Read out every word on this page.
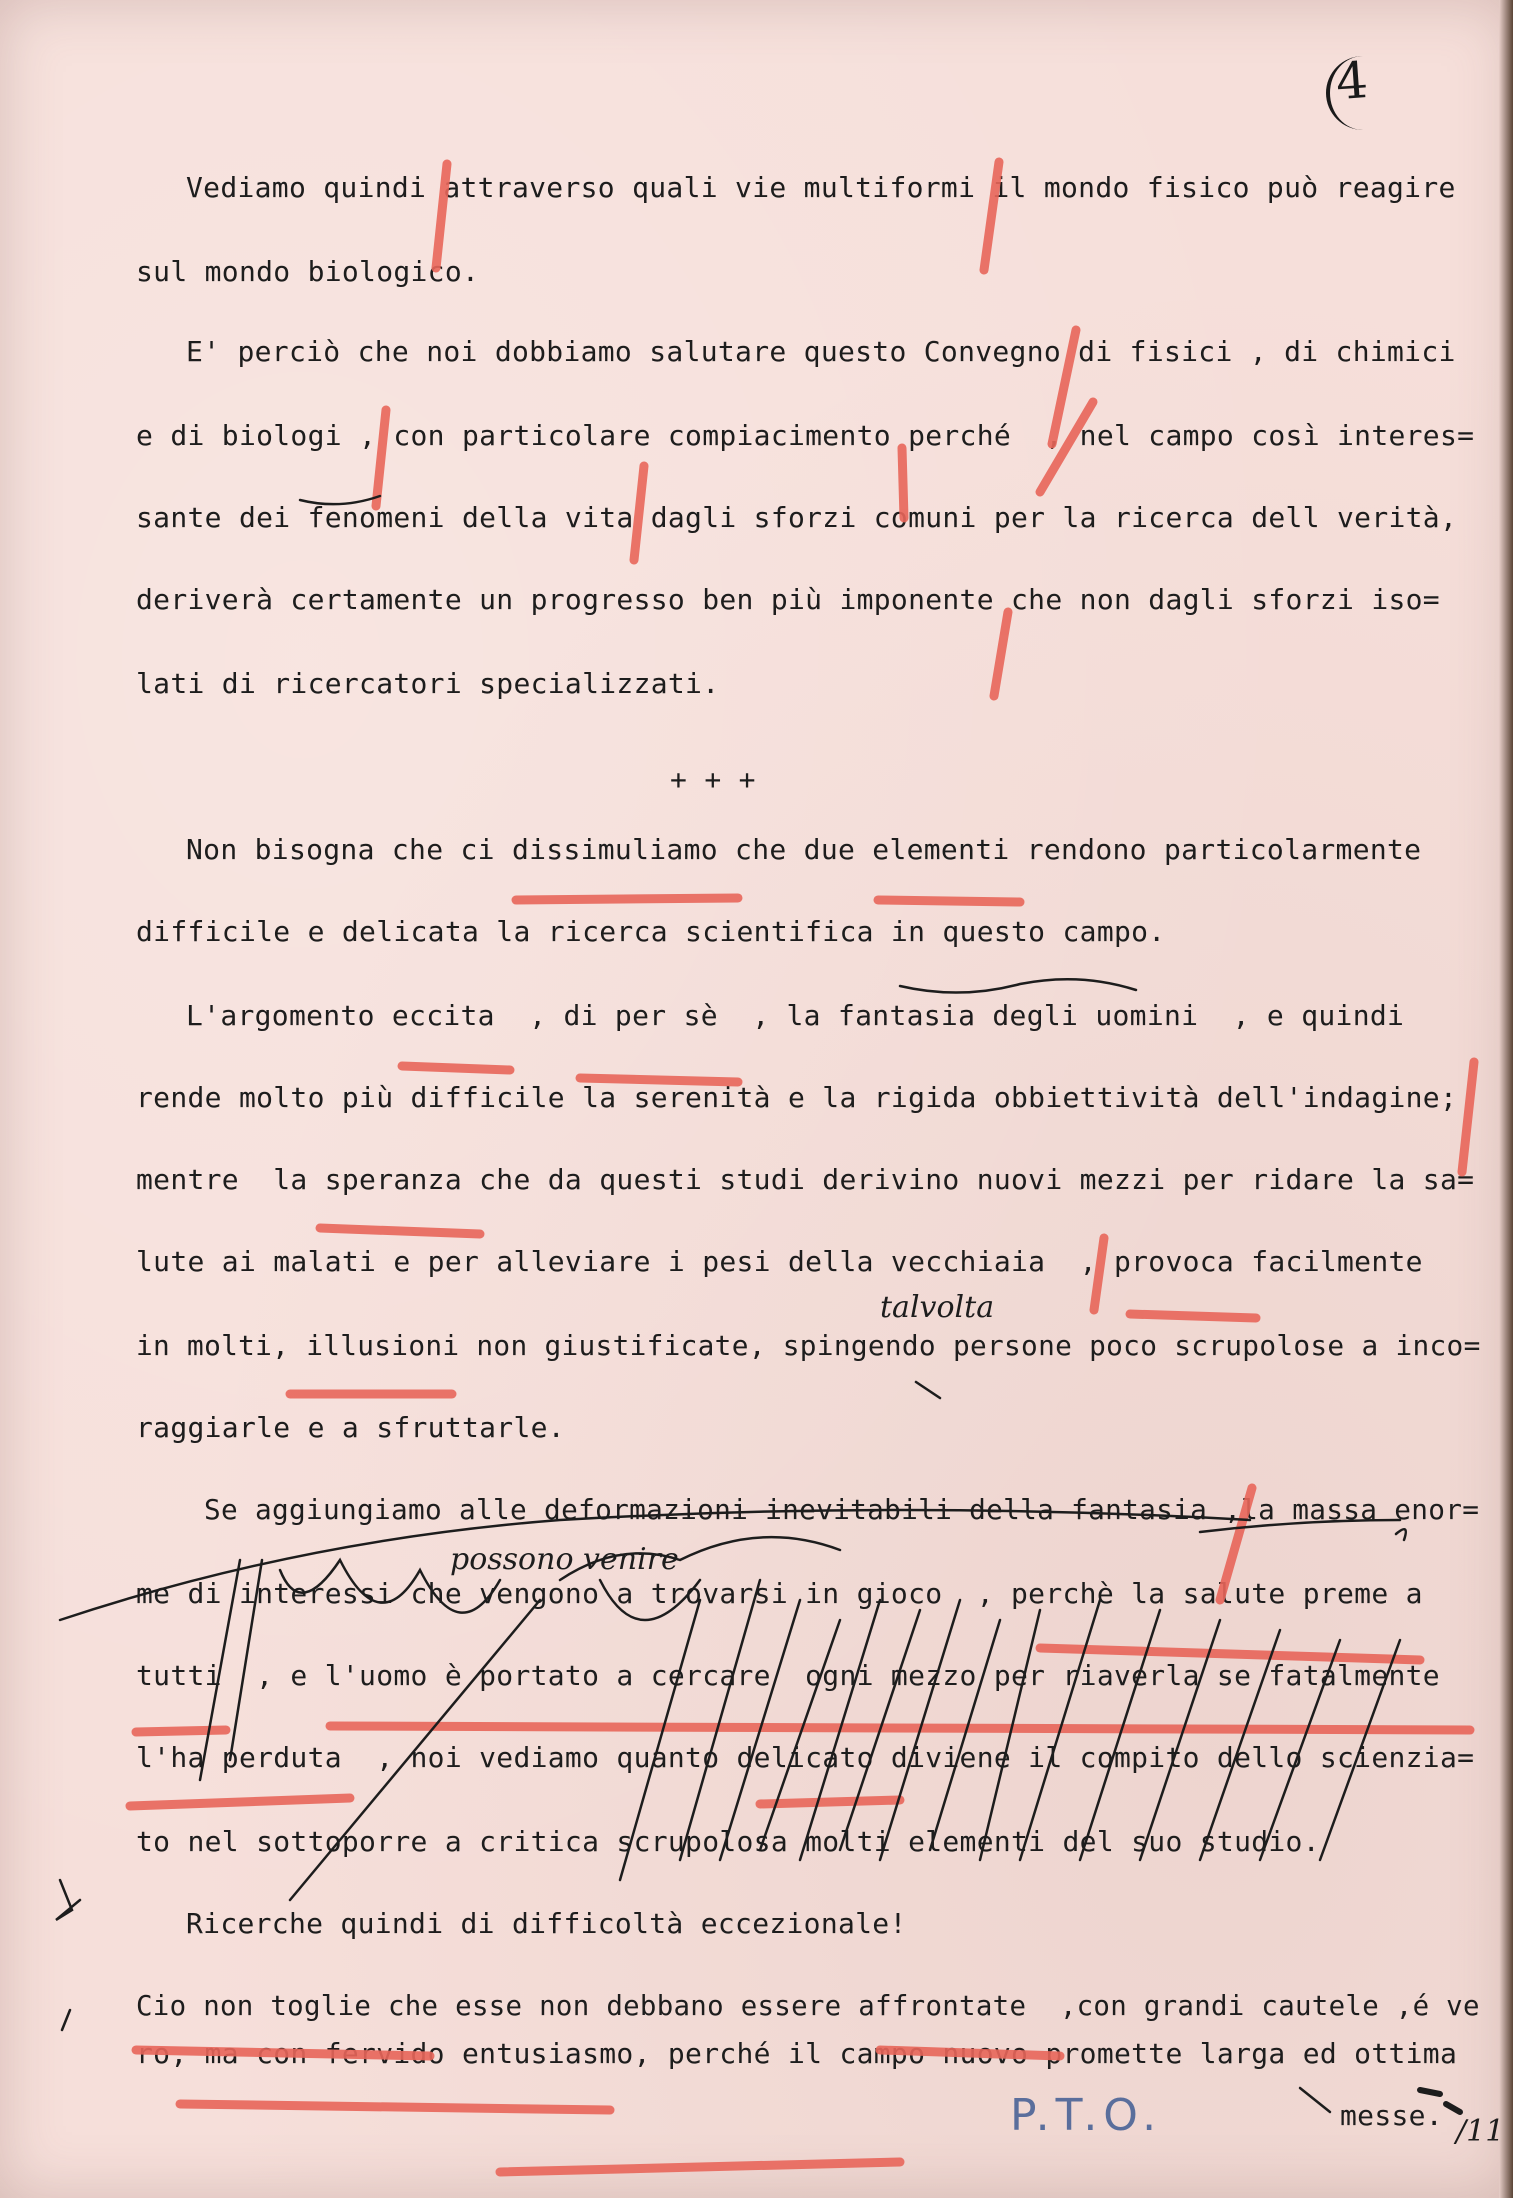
4
Vediamo quindi attraverso quali vie multiformi il mondo fisico può reagire
sul mondo biologico.
E' perciò che noi dobbiamo salutare questo Convegno di fisici , di chimici
e di biologi , con particolare compiacimento perché  , nel campo così interes=
sante dei fenomeni della vita dagli sforzi comuni per la ricerca dell verità,
deriverà certamente un progresso ben più imponente che non dagli sforzi iso=
lati di ricercatori specializzati.
+ + +
Non bisogna che ci dissimuliamo che due elementi rendono particolarmente
difficile e delicata la ricerca scientifica in questo campo.
L'argomento eccita  , di per sè  , la fantasia degli uomini  , e quindi
rende molto più difficile la serenità e la rigida obbiettività dell'indagine;
mentre  la speranza che da questi studi derivino nuovi mezzi per ridare la sa=
lute ai malati e per alleviare i pesi della vecchiaia  , provoca facilmente
in molti, illusioni non giustificate, spingendo persone poco scrupolose a inco=
raggiarle e a sfruttarle.
Se aggiungiamo alle deformazioni inevitabili della fantasia ,la massa enor=
me di interessi che vengono a trovarsi in gioco  , perchè la salute preme a
tutti  , e l'uomo è portato a cercare  ogni mezzo per riaverla se fatalmente
l'ha perduta  , noi vediamo quanto delicato diviene il compito dello scienzia=
to nel sottoporre a critica scrupolosa molti elementi del suo studio.
Ricerche quindi di difficoltà eccezionale!
Cio non toglie che esse non debbano essere affrontate  ,con grandi cautele ,é ve
ro, ma con fervido entusiasmo, perché il campo nuovo promette larga ed ottima
messe.
talvolta
possono venire
P.T.O.	/11
